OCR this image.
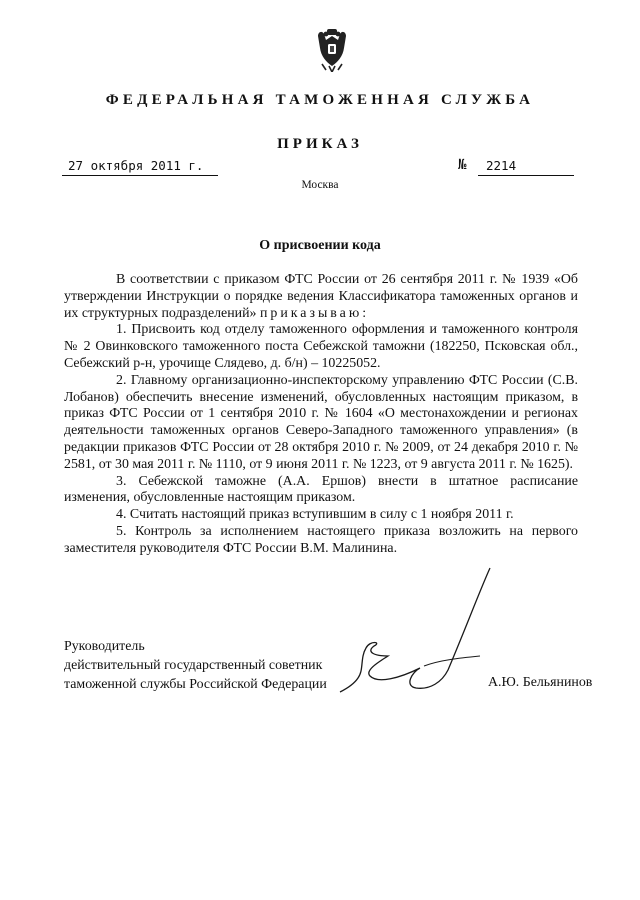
ФЕДЕРАЛЬНАЯ ТАМОЖЕННАЯ СЛУЖБА
ПРИКАЗ
27 октября 2011 г.	№ 2214
Москва
О присвоении кода

В соответствии с приказом ФТС России от 26 сентября 2011 г. № 1939 «Об утверждении Инструкции о порядке ведения Классификатора таможенных органов и их структурных подразделений» приказываю:

1. Присвоить код отделу таможенного оформления и таможенного контроля № 2 Овинковского таможенного поста Себежской таможни (182250, Псковская обл., Себежский р-н, урочище Слядево, д. б/н) – 10225052.

2. Главному организационно-инспекторскому управлению ФТС России (С.В. Лобанов) обеспечить внесение изменений, обусловленных настоящим приказом, в приказ ФТС России от 1 сентября 2010 г. № 1604 «О местонахождении и регионах деятельности таможенных органов Северо-Западного таможенного управления» (в редакции приказов ФТС России от 28 октября 2010 г. № 2009, от 24 декабря 2010 г. № 2581, от 30 мая 2011 г. № 1110, от 9 июня 2011 г. № 1223, от 9 августа 2011 г. № 1625).

3. Себежской таможне (А.А. Ершов) внести в штатное расписание изменения, обусловленные настоящим приказом.

4. Считать настоящий приказ вступившим в силу с 1 ноября 2011 г.

5. Контроль за исполнением настоящего приказа возложить на первого заместителя руководителя ФТС России В.М. Малинина.

Руководитель
действительный государственный советник
таможенной службы Российской Федерации	А.Ю. Бельянинов
